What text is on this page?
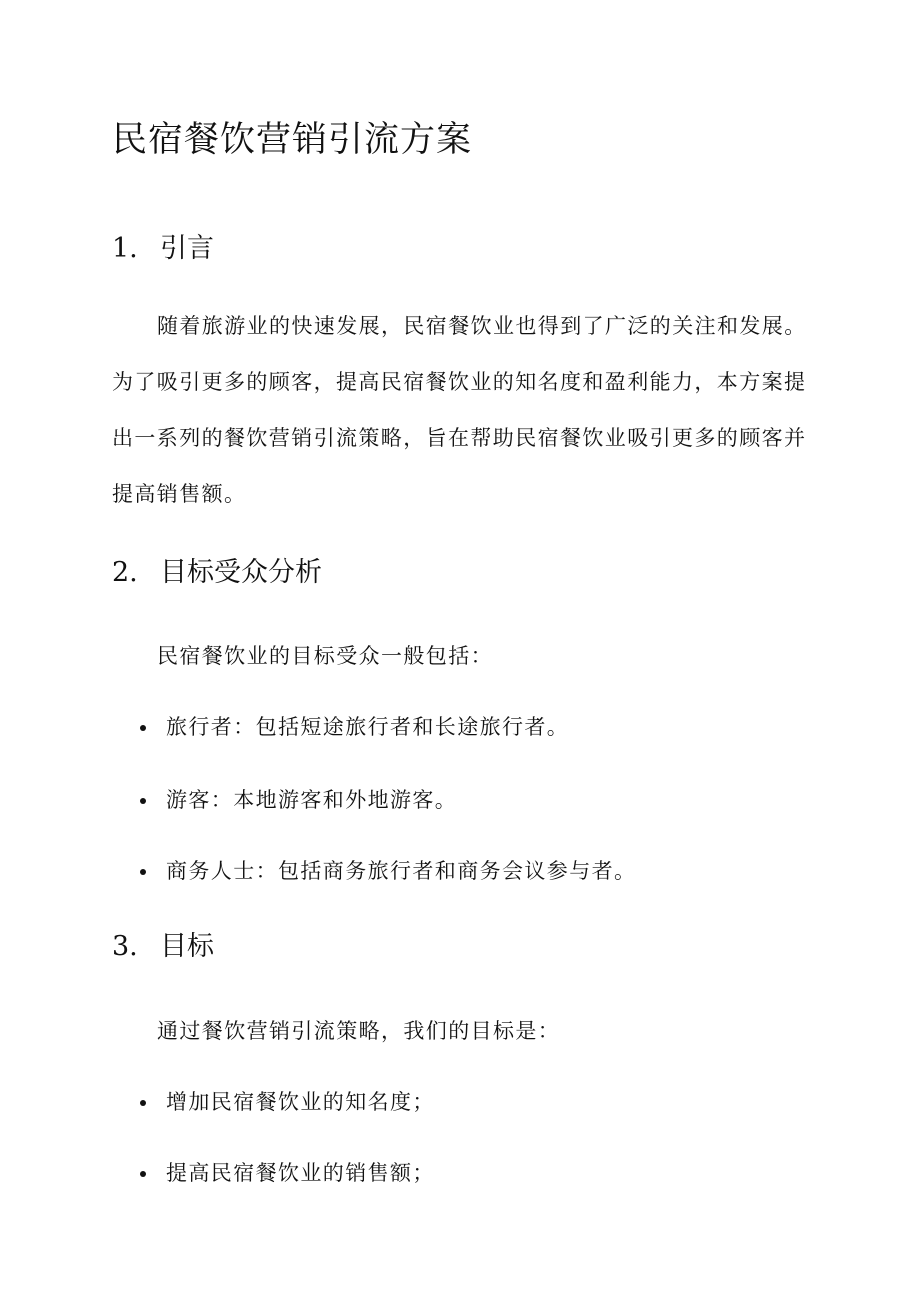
民宿餐饮营销引流方案
1. 引言

随着旅游业的快速发展，民宿餐饮业也得到了广泛的关注和发展。为了吸引更多的顾客，提高民宿餐饮业的知名度和盈利能力，本方案提出一系列的餐饮营销引流策略，旨在帮助民宿餐饮业吸引更多的顾客并提高销售额。

2. 目标受众分析

民宿餐饮业的目标受众一般包括：

旅行者：包括短途旅行者和长途旅行者。
游客：本地游客和外地游客。
商务人士：包括商务旅行者和商务会议参与者。
3. 目标

通过餐饮营销引流策略，我们的目标是：

增加民宿餐饮业的知名度；
提高民宿餐饮业的销售额；
